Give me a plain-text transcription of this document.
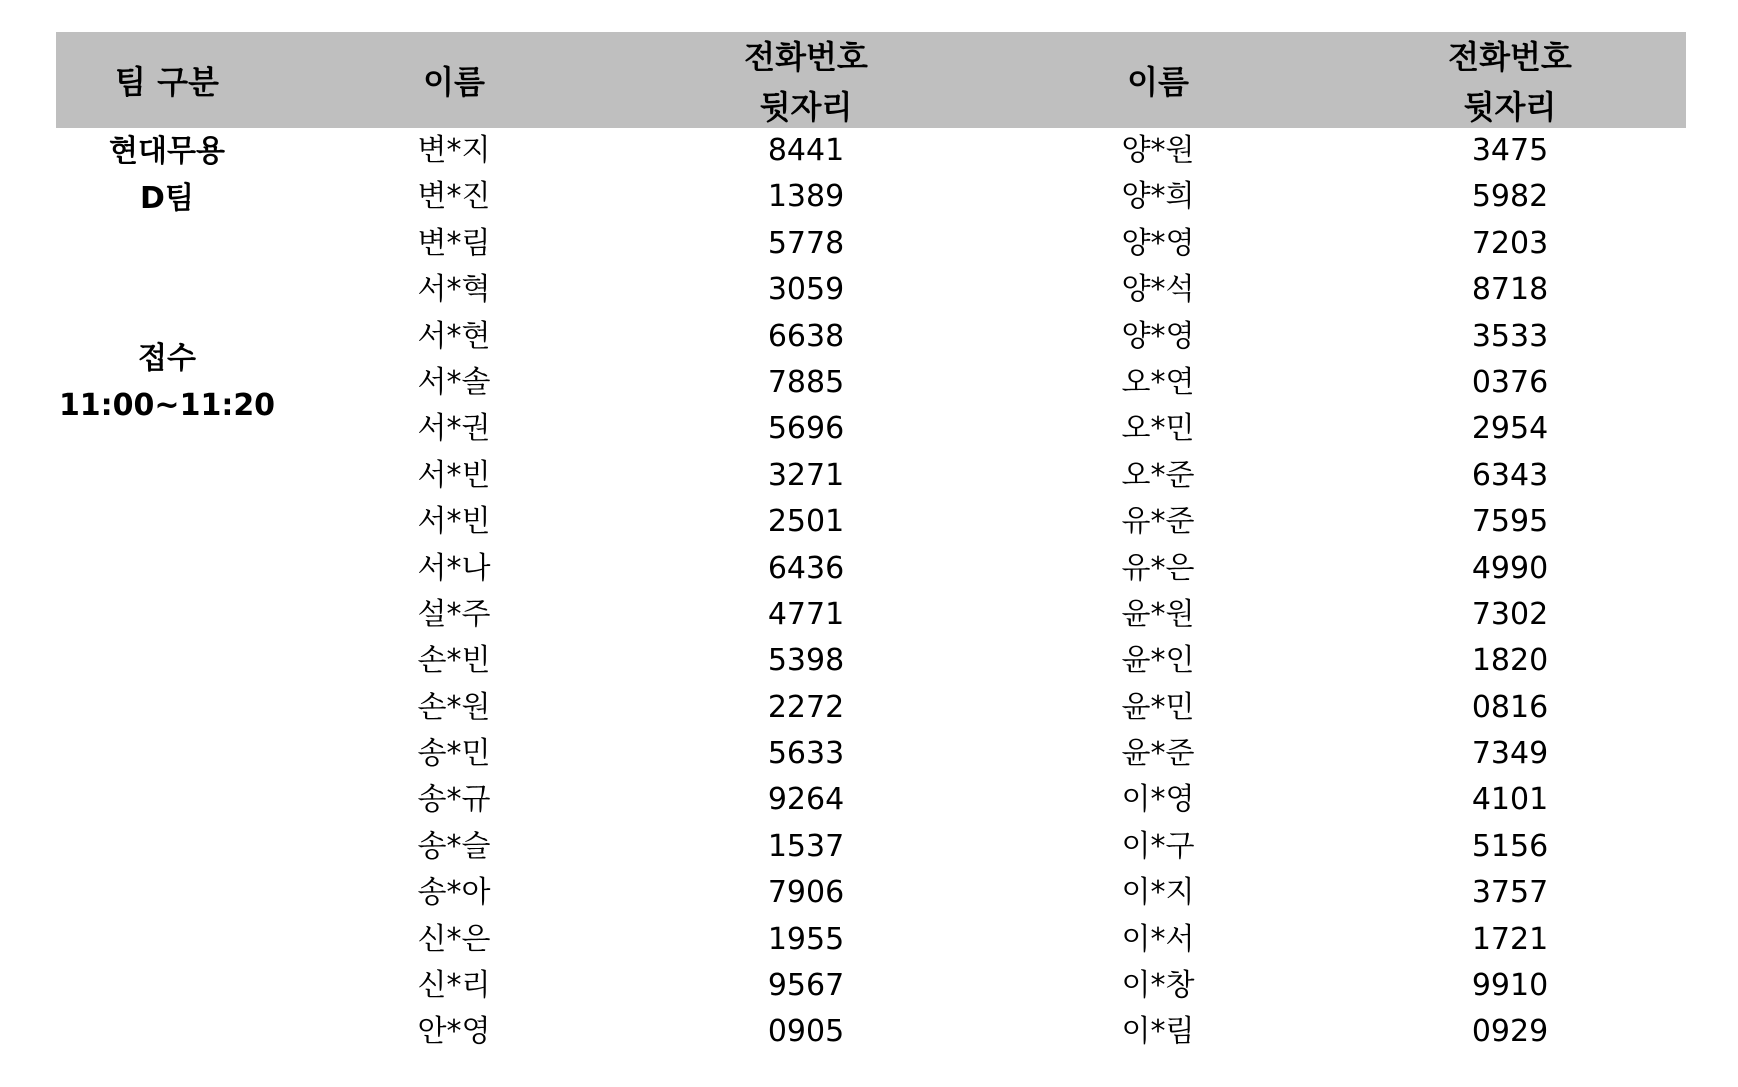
팀 구분	이름
전화번호
뒷자리
이름
전화번호
뒷자리
현대무용
D팀
접수
11:00~11:20
변*지
변*진
변*림
서*혁
서*현
서*솔
서*권
서*빈
서*빈
서*나
설*주
손*빈
손*원
송*민
송*규
송*슬
송*아
신*은
신*리
안*영
8441
1389
5778
3059
6638
7885
5696
3271
2501
6436
4771
5398
2272
5633
9264
1537
7906
1955
9567
0905
양*원
양*희
양*영
양*석
양*영
오*연
오*민
오*준
유*준
유*은
윤*원
윤*인
윤*민
윤*준
이*영
이*구
이*지
이*서
이*창
이*림
3475
5982
7203
8718
3533
0376
2954
6343
7595
4990
7302
1820
0816
7349
4101
5156
3757
1721
9910
0929
